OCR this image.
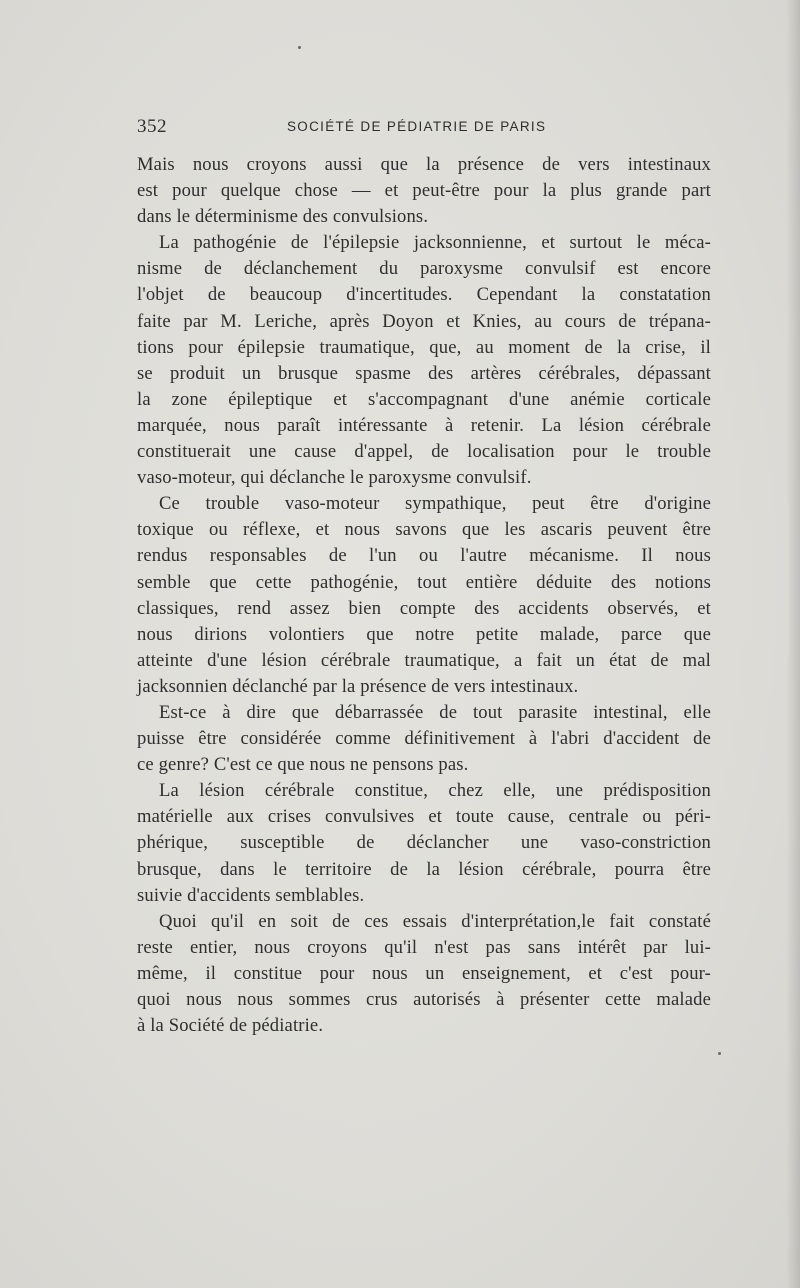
352	SOCIÉTÉ DE PÉDIATRIE DE PARIS
Mais nous croyons aussi que la présence de vers intestinaux
est pour quelque chose — et peut-être pour la plus grande part
dans le déterminisme des convulsions.
La pathogénie de l'épilepsie jacksonnienne, et surtout le méca-
nisme de déclanchement du paroxysme convulsif est encore
l'objet de beaucoup d'incertitudes. Cependant la constatation
faite par M. Leriche, après Doyon et Knies, au cours de trépana-
tions pour épilepsie traumatique, que, au moment de la crise, il
se produit un brusque spasme des artères cérébrales, dépassant
la zone épileptique et s'accompagnant d'une anémie corticale
marquée, nous paraît intéressante à retenir. La lésion cérébrale
constituerait une cause d'appel, de localisation pour le trouble
vaso-moteur, qui déclanche le paroxysme convulsif.
Ce trouble vaso-moteur sympathique, peut être d'origine
toxique ou réflexe, et nous savons que les ascaris peuvent être
rendus responsables de l'un ou l'autre mécanisme. Il nous
semble que cette pathogénie, tout entière déduite des notions
classiques, rend assez bien compte des accidents observés, et
nous dirions volontiers que notre petite malade, parce que
atteinte d'une lésion cérébrale traumatique, a fait un état de mal
jacksonnien déclanché par la présence de vers intestinaux.
Est-ce à dire que débarrassée de tout parasite intestinal, elle
puisse être considérée comme définitivement à l'abri d'accident de
ce genre? C'est ce que nous ne pensons pas.
La lésion cérébrale constitue, chez elle, une prédisposition
matérielle aux crises convulsives et toute cause, centrale ou péri-
phérique, susceptible de déclancher une vaso-constriction
brusque, dans le territoire de la lésion cérébrale, pourra être
suivie d'accidents semblables.
Quoi qu'il en soit de ces essais d'interprétation,le fait constaté
reste entier, nous croyons qu'il n'est pas sans intérêt par lui-
même, il constitue pour nous un enseignement, et c'est pour-
quoi nous nous sommes crus autorisés à présenter cette malade
à la Société de pédiatrie.
